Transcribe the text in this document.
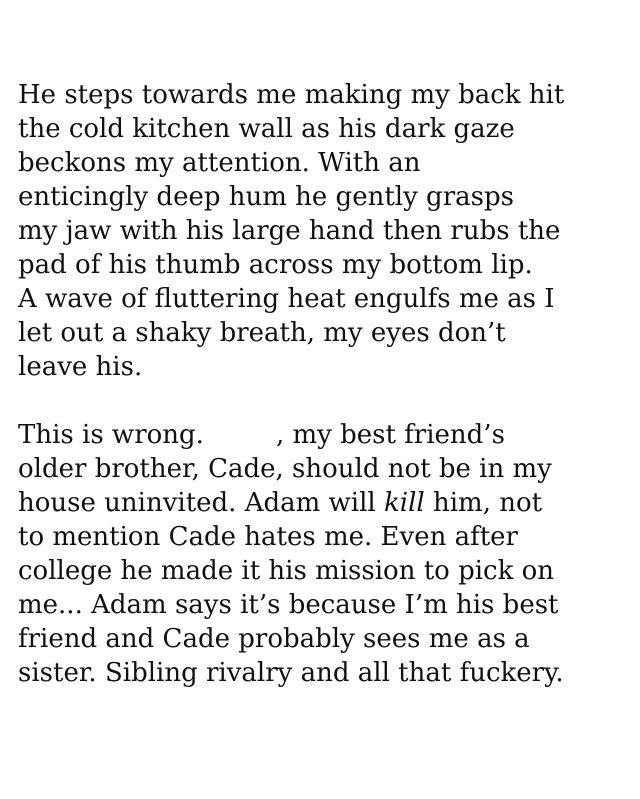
He steps towards me making my back hit
the cold kitchen wall as his dark gaze
beckons my attention. With an
enticingly deep hum he gently grasps
my jaw with his large hand then rubs the
pad of his thumb across my bottom lip.
A wave of fluttering heat engulfs me as I
let out a shaky breath, my eyes don’t
leave his.

This is wrong.	, my best friend’s
older brother, Cade, should not be in my
house uninvited. Adam will kill him, not
to mention Cade hates me. Even after
college he made it his mission to pick on
me... Adam says it’s because I’m his best
friend and Cade probably sees me as a
sister. Sibling rivalry and all that fuckery.
